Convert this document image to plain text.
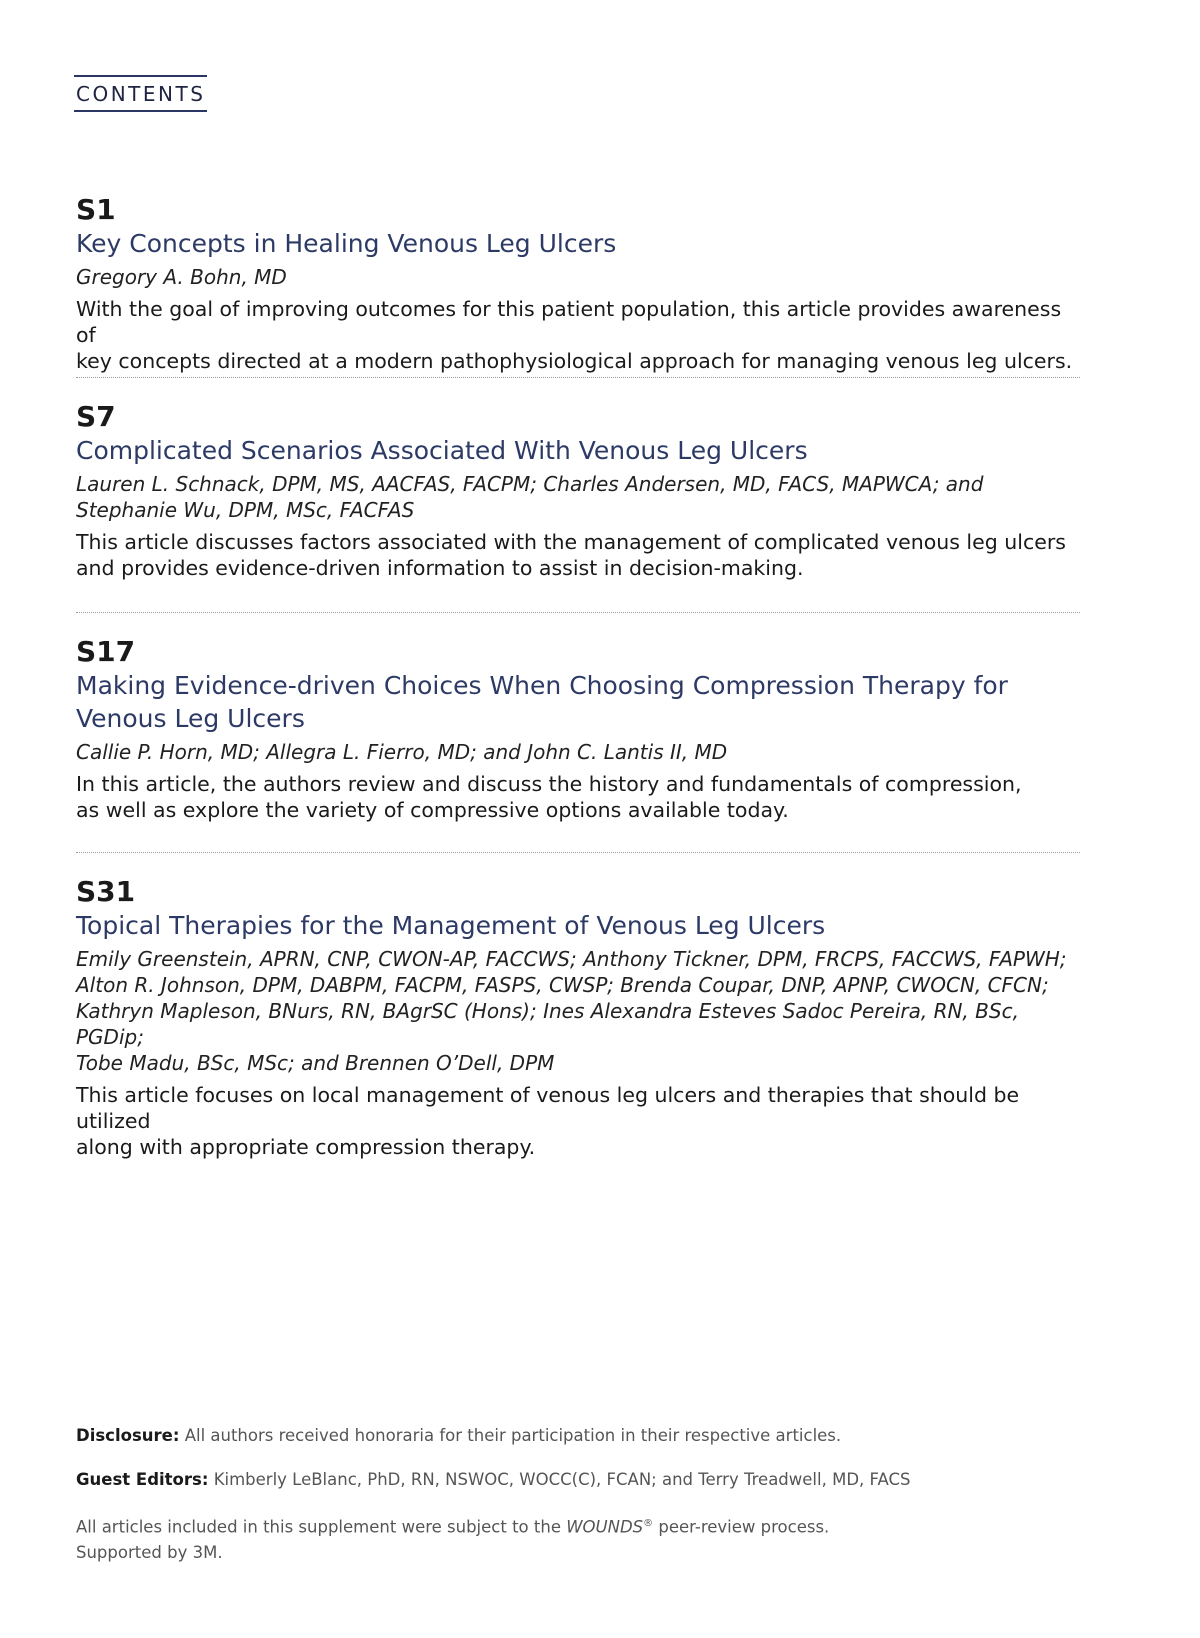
CONTENTS

S1

Key Concepts in Healing Venous Leg Ulcers

Gregory A. Bohn, MD

With the goal of improving outcomes for this patient population, this article provides awareness of
key concepts directed at a modern pathophysiological approach for managing venous leg ulcers.

S7

Complicated Scenarios Associated With Venous Leg Ulcers

Lauren L. Schnack, DPM, MS, AACFAS, FACPM; Charles Andersen, MD, FACS, MAPWCA; and
Stephanie Wu, DPM, MSc, FACFAS

This article discusses factors associated with the management of complicated venous leg ulcers
and provides evidence-driven information to assist in decision-making.

S17

Making Evidence-driven Choices When Choosing Compression Therapy for
Venous Leg Ulcers

Callie P. Horn, MD; Allegra L. Fierro, MD; and John C. Lantis II, MD

In this article, the authors review and discuss the history and fundamentals of compression,
as well as explore the variety of compressive options available today.

S31

Topical Therapies for the Management of Venous Leg Ulcers

Emily Greenstein, APRN, CNP, CWON-AP, FACCWS; Anthony Tickner, DPM, FRCPS, FACCWS, FAPWH;
Alton R. Johnson, DPM, DABPM, FACPM, FASPS, CWSP; Brenda Coupar, DNP, APNP, CWOCN, CFCN;
Kathryn Mapleson, BNurs, RN, BAgrSC (Hons); Ines Alexandra Esteves Sadoc Pereira, RN, BSc, PGDip;
Tobe Madu, BSc, MSc; and Brennen O’Dell, DPM

This article focuses on local management of venous leg ulcers and therapies that should be utilized
along with appropriate compression therapy.

Disclosure: All authors received honoraria for their participation in their respective articles.
Guest Editors: Kimberly LeBlanc, PhD, RN, NSWOC, WOCC(C), FCAN; and Terry Treadwell, MD, FACS
All articles included in this supplement were subject to the WOUNDS® peer-review process.
Supported by 3M.
